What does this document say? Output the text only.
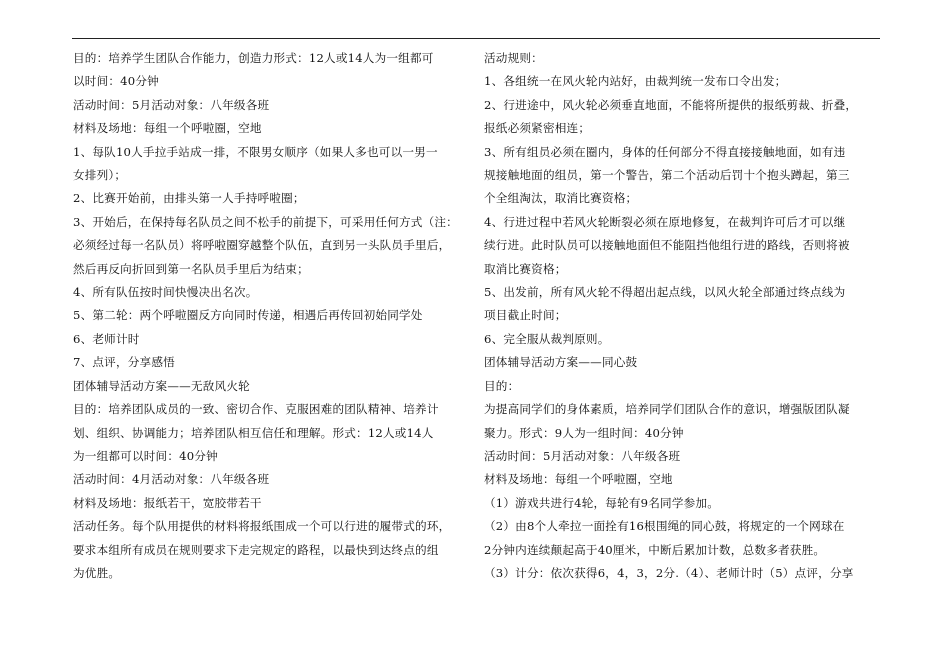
目的：培养学生团队合作能力，创造力形式：12人或14人为一组都可
以时间：40分钟
活动时间：5月活动对象：八年级各班
材料及场地：每组一个呼啦圈，空地
1、每队10人手拉手站成一排，不限男女顺序（如果人多也可以一男一
女排列）；
2、比赛开始前，由排头第一人手持呼啦圈；
3、开始后，在保持每名队员之间不松手的前提下，可采用任何方式（注：
必须经过每一名队员）将呼啦圈穿越整个队伍，直到另一头队员手里后，
然后再反向折回到第一名队员手里后为结束；
4、所有队伍按时间快慢决出名次。
5、第二轮：两个呼啦圈反方向同时传递，相遇后再传回初始同学处
6、老师计时
7、点评，分享感悟
团体辅导活动方案——无敌风火轮
目的：培养团队成员的一致、密切合作、克服困难的团队精神、培养计
划、组织、协调能力；培养团队相互信任和理解。形式：12人或14人
为一组都可以时间：40分钟
活动时间：4月活动对象：八年级各班
材料及场地：报纸若干，宽胶带若干
活动任务。每个队用提供的材料将报纸围成一个可以行进的履带式的环，
要求本组所有成员在规则要求下走完规定的路程，以最快到达终点的组
为优胜。
活动规则：
1、各组统一在风火轮内站好，由裁判统一发布口令出发；
2、行进途中，风火轮必须垂直地面，不能将所提供的报纸剪裁、折叠，
报纸必须紧密相连；
3、所有组员必须在圈内，身体的任何部分不得直接接触地面，如有违
规接触地面的组员，第一个警告，第二个活动后罚十个抱头蹲起，第三
个全组淘汰，取消比赛资格；
4、行进过程中若风火轮断裂必须在原地修复，在裁判许可后才可以继
续行进。此时队员可以接触地面但不能阻挡他组行进的路线，否则将被
取消比赛资格；
5、出发前，所有风火轮不得超出起点线，以风火轮全部通过终点线为
项目截止时间；
6、完全服从裁判原则。
团体辅导活动方案——同心鼓
目的：
为提高同学们的身体素质，培养同学们团队合作的意识，增强版团队凝
聚力。形式：9人为一组时间：40分钟
活动时间：5月活动对象：八年级各班
材料及场地：每组一个呼啦圈，空地
（1）游戏共进行4轮，每轮有9名同学参加。
（2）由8个人牵拉一面拴有16根围绳的同心鼓，将规定的一个网球在
2分钟内连续颠起高于40厘米，中断后累加计数，总数多者获胜。
（3）计分：依次获得6，4，3，2分.（4）、老师计时（5）点评，分享
